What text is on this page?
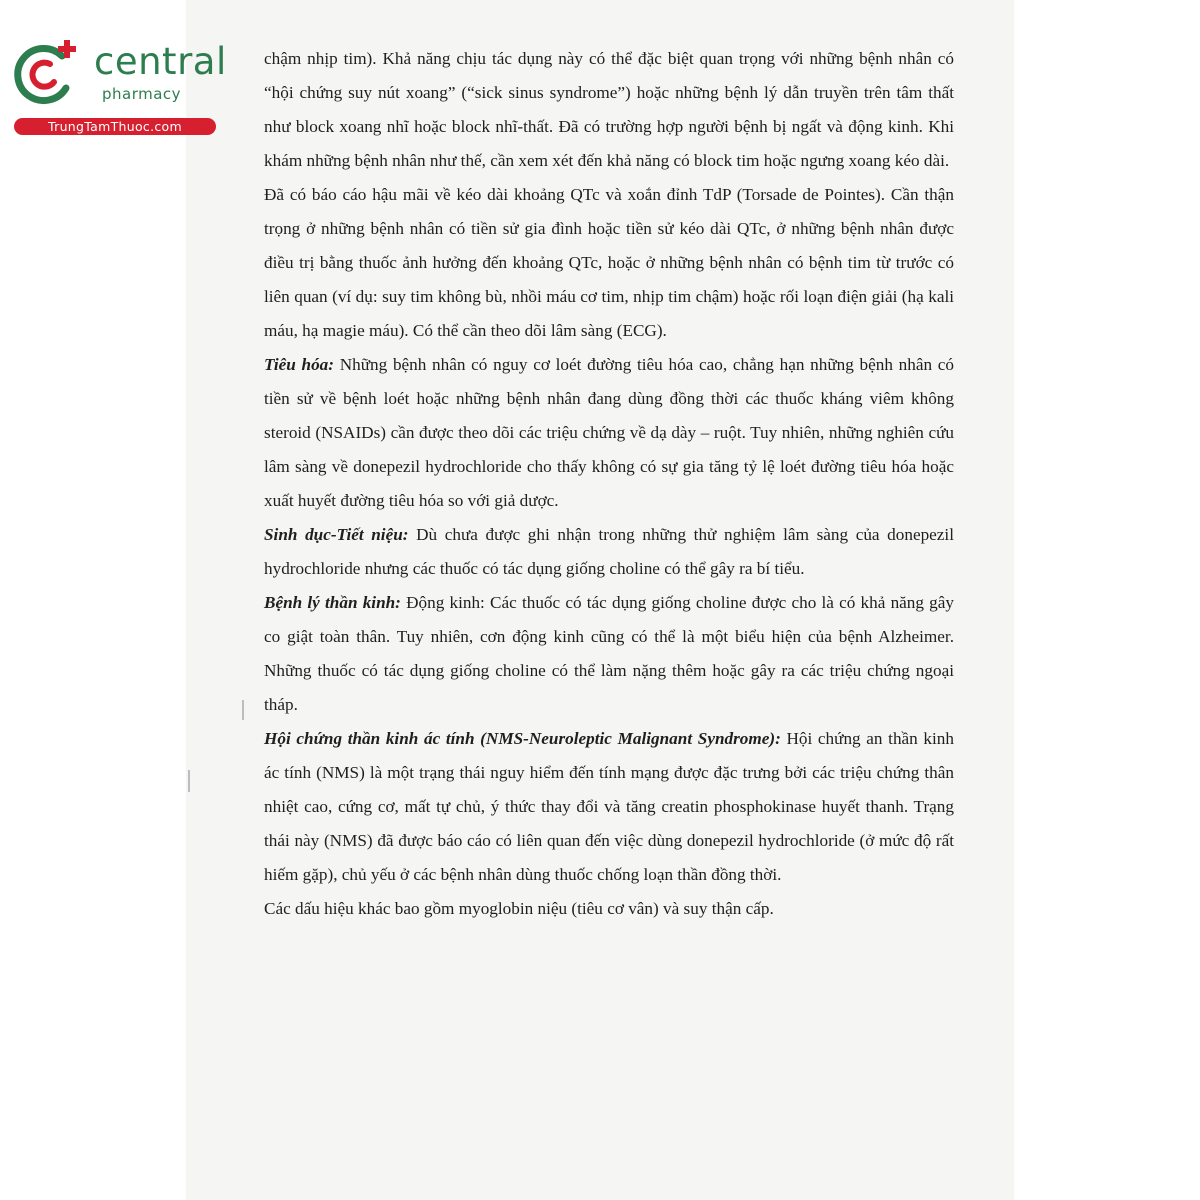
central
pharmacy
TrungTamThuoc.com

chậm nhịp tim). Khả năng chịu tác dụng này có thể đặc biệt quan trọng với những bệnh nhân có “hội chứng suy nút xoang” (“sick sinus syndrome”) hoặc những bệnh lý dẫn truyền trên tâm thất như block xoang nhĩ hoặc block nhĩ-thất. Đã có trường hợp người bệnh bị ngất và động kinh. Khi khám những bệnh nhân như thế, cần xem xét đến khả năng có block tim hoặc ngưng xoang kéo dài.

Đã có báo cáo hậu mãi về kéo dài khoảng QTc và xoắn đỉnh TdP (Torsade de Pointes). Cần thận trọng ở những bệnh nhân có tiền sử gia đình hoặc tiền sử kéo dài QTc, ở những bệnh nhân được điều trị bằng thuốc ảnh hưởng đến khoảng QTc, hoặc ở những bệnh nhân có bệnh tim từ trước có liên quan (ví dụ: suy tim không bù, nhồi máu cơ tim, nhịp tim chậm) hoặc rối loạn điện giải (hạ kali máu, hạ magie máu). Có thể cần theo dõi lâm sàng (ECG).

Tiêu hóa: Những bệnh nhân có nguy cơ loét đường tiêu hóa cao, chẳng hạn những bệnh nhân có tiền sử về bệnh loét hoặc những bệnh nhân đang dùng đồng thời các thuốc kháng viêm không steroid (NSAIDs) cần được theo dõi các triệu chứng về dạ dày – ruột. Tuy nhiên, những nghiên cứu lâm sàng về donepezil hydrochloride cho thấy không có sự gia tăng tỷ lệ loét đường tiêu hóa hoặc xuất huyết đường tiêu hóa so với giả dược.

Sinh dục-Tiết niệu: Dù chưa được ghi nhận trong những thử nghiệm lâm sàng của donepezil hydrochloride nhưng các thuốc có tác dụng giống choline có thể gây ra bí tiểu.

Bệnh lý thần kinh: Động kinh: Các thuốc có tác dụng giống choline được cho là có khả năng gây co giật toàn thân. Tuy nhiên, cơn động kinh cũng có thể là một biểu hiện của bệnh Alzheimer. Những thuốc có tác dụng giống choline có thể làm nặng thêm hoặc gây ra các triệu chứng ngoại tháp.

Hội chứng thần kinh ác tính (NMS-Neuroleptic Malignant Syndrome): Hội chứng an thần kinh ác tính (NMS) là một trạng thái nguy hiểm đến tính mạng được đặc trưng bởi các triệu chứng thân nhiệt cao, cứng cơ, mất tự chủ, ý thức thay đổi và tăng creatin phosphokinase huyết thanh. Trạng thái này (NMS) đã được báo cáo có liên quan đến việc dùng donepezil hydrochloride (ở mức độ rất hiếm gặp), chủ yếu ở các bệnh nhân dùng thuốc chống loạn thần đồng thời.

Các dấu hiệu khác bao gồm myoglobin niệu (tiêu cơ vân) và suy thận cấp.
